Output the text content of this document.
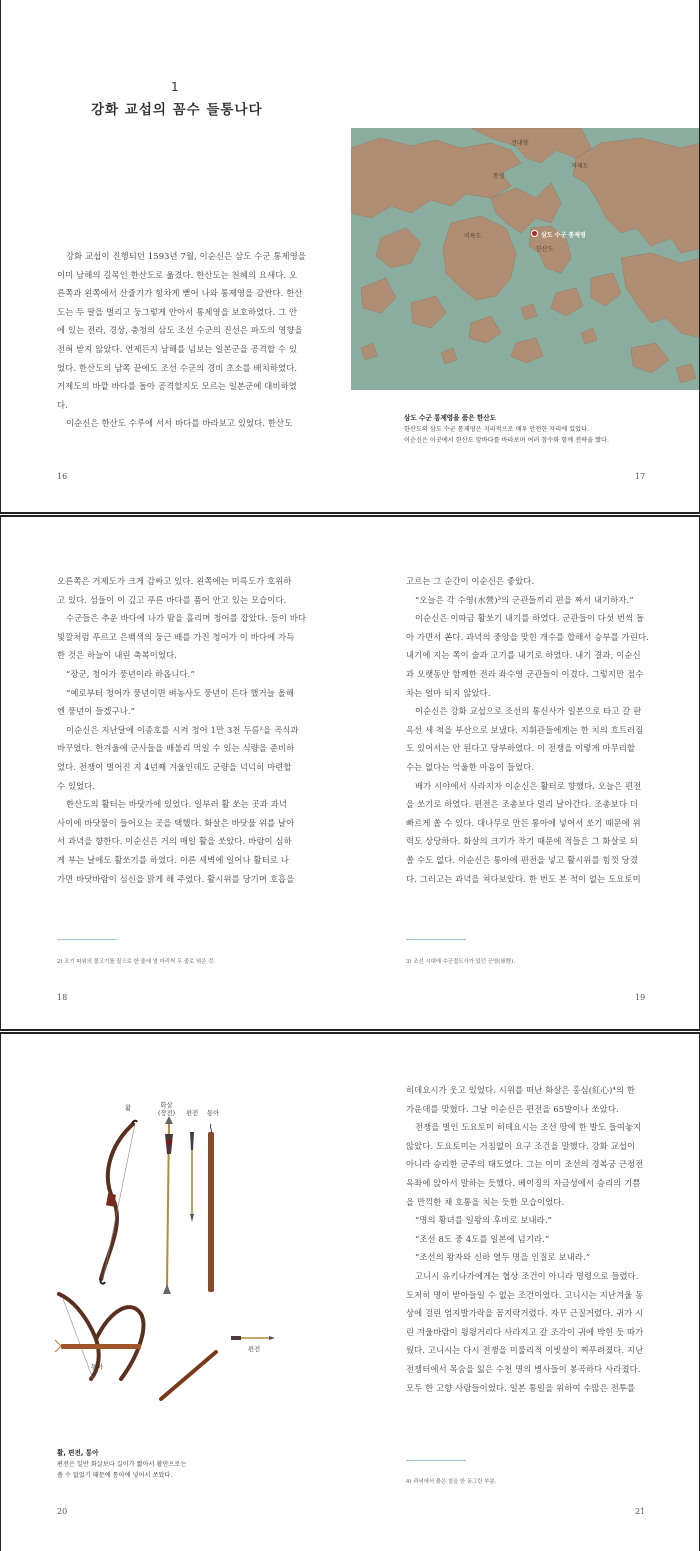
1
강화 교섭의 꼼수 들통나다

강화 교섭이 진행되던 1593년 7월, 이순신은 삼도 수군 통제영을

이미 남해의 길목인 한산도로 옮겼다. 한산도는 천혜의 요새다. 오

른쪽과 왼쪽에서 산줄기가 힘차게 뻗어 나와 통제영을 감싼다. 한산

도는 두 팔을 벌리고 둥그렇게 안아서 통제영을 보호하였다. 그 안

에 있는 전라, 경상, 충청의 삼도 조선 수군의 진선은 파도의 영향을

전혀 받지 않았다. 언제든지 남해를 넘보는 일본군을 공격할 수 있

었다. 한산도의 남쪽 끝에도 조선 수군의 경비 초소를 배치하였다.

거제도의 바깥 바다를 돌아 공격할지도 모르는 일본군에 대비하였

다.

이순신은 한산도 수루에 서서 바다를 바라보고 있었다. 한산도

16	17
견내량
거제도
통영
미륵도	삼도 수군 통제영
한산도
삼도 수군 통제영을 품은 한산도
한산도의 삼도 수군 통제영은 지리적으로 매우 안전한 자리에 있었다.
이순신은 이곳에서 한산도 앞바다를 바라보며 여러 참수와 함께 전략을 짰다.

오른쪽은 거제도가 크게 감싸고 있다. 왼쪽에는 미륵도가 호위하

고 있다. 섬들이 이 깊고 푸른 바다를 품어 안고 있는 모습이다.

수군들은 추운 바다에 나가 땀을 흘리며 청어를 잡았다. 등이 바다

빛깔처럼 푸르고 은백색의 둥근 배를 가진 청어가 이 바다에 가득

한 것은 하늘이 내린 축복이었다.

“장군, 청어가 풍년이라 하옵니다.”

“예로부터 청어가 풍년이면 벼농사도 풍년이 든다 했거늘 올해

엔 풍년이 들겠구나.”

이순신은 지난달에 이종호를 시켜 청어 1만 3천 두름²을 곡식과

바꾸었다. 한겨울에 군사들을 배불리 먹일 수 있는 식량을 준비하

였다. 전쟁이 벌어진 지 4년째 겨울인데도 군량을 넉넉히 마련할

수 있었다.

한산도의 활터는 바닷가에 있었다. 일부러 활 쏘는 곳과 과녁

사이에 바닷물이 들어오는 곳을 택했다. 화살은 바닷물 위를 날아

서 과녁을 향한다. 이순신은 거의 매일 활을 쏘았다. 바람이 심하

게 부는 날에도 활쏘기를 하였다. 이른 새벽에 일어나 활터로 나

가면 바닷바람이 심신을 맑게 해 주었다. 활시위를 당기며 호흡을

2) 조기 따위의 물고기를 짚으로 한 줄에 열 마리씩 두 줄로 엮은 것.

고르는 그 순간이 이순신은 좋았다.

“오늘은 각 수영(水營)³의 군관들끼리 편을 짜서 내기하자.”

이순신은 이따금 활쏘기 내기를 하였다. 군관들이 다섯 번씩 돌

아 가면서 쏜다. 과녁의 중앙을 맞힌 개수를 합해서 승부를 가린다.

내기에 지는 쪽이 술과 고기를 내기로 하였다. 내기 결과, 이순신

과 오랫동안 함께한 전라 좌수영 군관들이 이겼다. 그렇지만 점수

차는 얼마 되지 않았다.

이순신은 강화 교섭으로 조선의 통신사가 일본으로 타고 갈 판

옥선 세 척을 부산으로 보냈다. 지휘관들에게는 한 치의 흐트러짐

도 있어서는 안 된다고 당부하였다. 이 전쟁을 이렇게 마무리할

수는 없다는 억울한 마음이 들었다.

배가 시야에서 사라지자 이순신은 활터로 향했다. 오늘은 편전

을 쏘기로 하였다. 편전은 조총보다 멀리 날아간다. 조총보다 더

빠르게 쏠 수 있다. 대나무로 만든 통아에 넣어서 쏘기 때문에 위

력도 상당하다. 화살의 크기가 작기 때문에 적들은 그 화살로 되

쏠 수도 없다. 이순신은 통아에 편전을 넣고 활시위를 힘껏 당겼

다. 그러고는 과녁을 쳐다보았다. 한 번도 본 적이 없는 도요토미

3) 조선 시대에 수군절도사가 있던 군영(軍營).
18	19
활	화살
(장전) 편전 통아
통아
편전
활, 편전, 통아
편전은 일반 화살보다 길이가 짧아서 활만으로는
쏠 수 없었기 때문에 통아에 넣어서 쏘았다.

히데요시가 웃고 있었다. 시위를 떠난 화살은 홍심(紅心)⁴의 한

가운데를 맞혔다. 그날 이순신은 편전을 65발이나 쏘았다.

전쟁을 벌인 도요토미 히데요시는 조선 땅에 한 발도 들여놓지

않았다. 도요토미는 거침없이 요구 조건을 말했다. 강화 교섭이

아니라 승리한 군주의 태도였다. 그는 이미 조선의 경복궁 근정전

옥좌에 앉아서 말하는 듯했다. 베이징의 자금성에서 승리의 기쁨

을 만끽한 채 호통을 치는 듯한 모습이었다.

“명의 황녀를 일왕의 후비로 보내라.”

“조선 8도 중 4도를 일본에 넘기라.”

“조선의 왕자와 신하 열두 명을 인질로 보내라.”

고니시 유키나가에게는 협상 조건이 아니라 명령으로 들렸다.

도저히 명이 받아들일 수 없는 조건이었다. 고니시는 지난겨울 동

상에 걸린 엄지발가락을 꼼지락거렸다. 자꾸 근질거렸다. 귀가 시

린 겨울바람이 윙윙거리다 사라지고 갈 조각이 귀에 박힌 듯 따가

웠다. 고니시는 다시 전쟁을 미룰리적 이빗살이 찌푸려졌다. 지난

전쟁터에서 목숨을 잃은 수천 명의 병사들이 봉곡하다 사라졌다.

모두 한 고향 사람들이었다. 일본 통일을 위하여 수많은 전투를

4) 과녁에서 붉은 칠을 한 동그란 부분.
20	21
